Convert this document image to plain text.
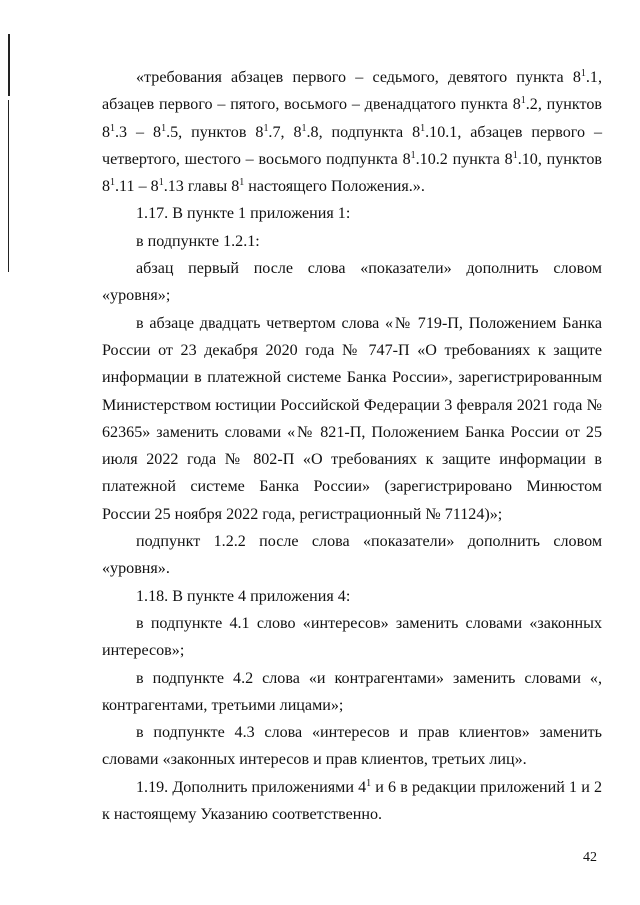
«требования абзацев первого – седьмого, девятого пункта $8^1.1$, абзацев первого – пятого, восьмого – двенадцатого пункта $8^1.2$, пунктов $8^1.3 - 8^1.5$, пунктов $8^1.7$, $8^1.8$, подпункта $8^1.10.1$, абзацев первого – четвертого, шестого – восьмого подпункта $8^1.10.2$ пункта $8^1.10$, пунктов $8^1.11 - 8^1.13$ главы $8^1$ настоящего Положения.».

1.17. В пункте 1 приложения 1:

в подпункте 1.2.1:

абзац первый после слова «показатели» дополнить словом «уровня»;

в абзаце двадцать четвертом слова «№ 719-П, Положением Банка России от 23 декабря 2020 года № 747-П «О требованиях к защите информации в платежной системе Банка России», зарегистрированным Министерством юстиции Российской Федерации 3 февраля 2021 года № 62365» заменить словами «№ 821-П, Положением Банка России от 25 июля 2022 года № 802-П «О требованиях к защите информации в платежной системе Банка России» (зарегистрировано Минюстом России 25 ноября 2022 года, регистрационный № 71124)»;

подпункт 1.2.2 после слова «показатели» дополнить словом «уровня».

1.18. В пункте 4 приложения 4:

в подпункте 4.1 слово «интересов» заменить словами «законных интересов»;

в подпункте 4.2 слова «и контрагентами» заменить словами «, контрагентами, третьими лицами»;

в подпункте 4.3 слова «интересов и прав клиентов» заменить словами «законных интересов и прав клиентов, третьих лиц».

1.19. Дополнить приложениями $4^1$ и 6 в редакции приложений 1 и 2 к настоящему Указанию соответственно.

42
